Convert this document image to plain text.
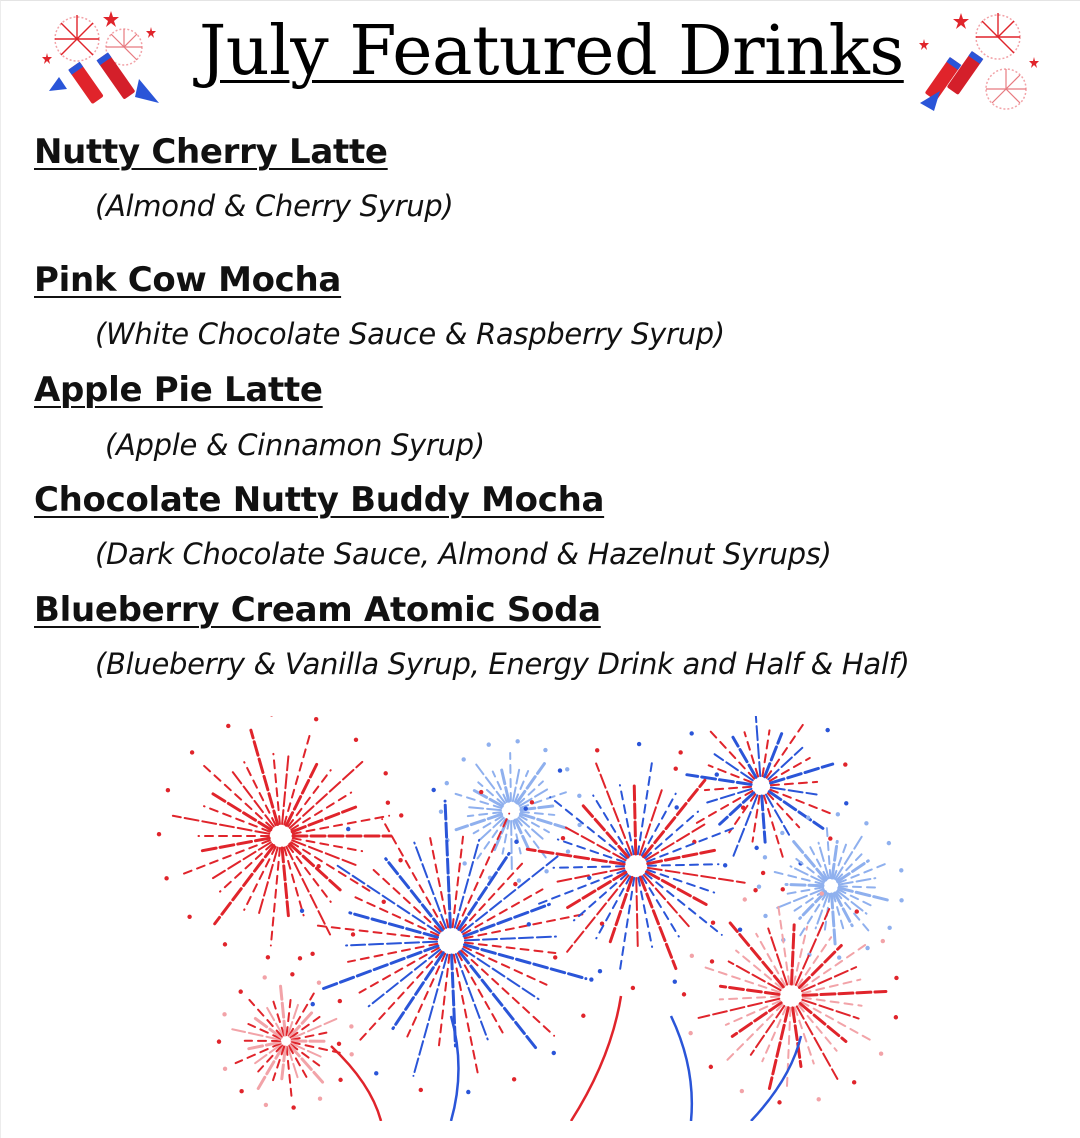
July Featured Drinks
Nutty Cherry Latte

(Almond & Cherry Syrup)

Pink Cow Mocha

(White Chocolate Sauce & Raspberry Syrup)

Apple Pie Latte

(Apple & Cinnamon Syrup)

Chocolate Nutty Buddy Mocha

(Dark Chocolate Sauce, Almond & Hazelnut Syrups)

Blueberry Cream Atomic Soda

(Blueberry & Vanilla Syrup, Energy Drink and Half & Half)
